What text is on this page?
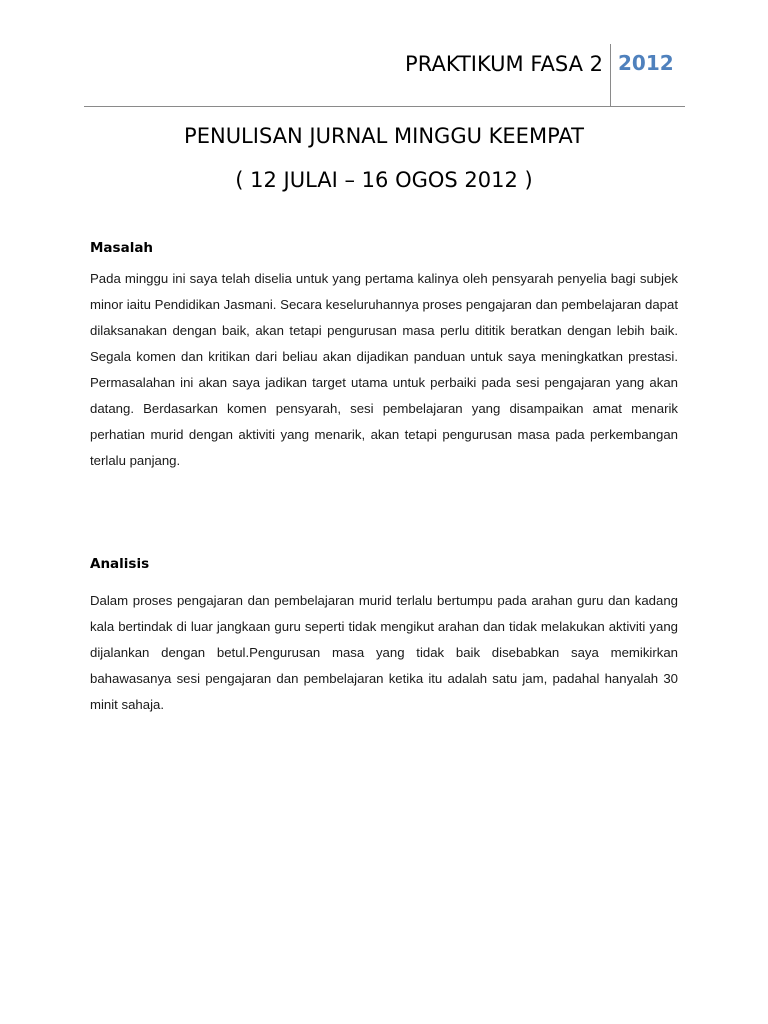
PRAKTIKUM FASA 2 2012
PENULISAN JURNAL MINGGU KEEMPAT
( 12 JULAI – 16 OGOS 2012 )
Masalah
Pada minggu ini saya telah diselia untuk yang pertama kalinya oleh pensyarah penyelia bagi subjek minor iaitu Pendidikan Jasmani. Secara keseluruhannya proses pengajaran dan pembelajaran dapat dilaksanakan dengan baik, akan tetapi pengurusan masa perlu dititik beratkan dengan lebih baik. Segala komen dan kritikan dari beliau akan dijadikan panduan untuk saya meningkatkan prestasi. Permasalahan ini akan saya jadikan target utama untuk perbaiki pada sesi pengajaran yang akan datang. Berdasarkan komen pensyarah, sesi pembelajaran yang disampaikan amat menarik perhatian murid dengan aktiviti yang menarik, akan tetapi pengurusan masa pada perkembangan terlalu panjang.
Analisis
Dalam proses pengajaran dan pembelajaran murid terlalu bertumpu pada arahan guru dan kadang kala bertindak di luar jangkaan guru seperti tidak mengikut arahan dan tidak melakukan aktiviti yang dijalankan dengan betul.Pengurusan masa yang tidak baik disebabkan saya memikirkan bahawasanya sesi pengajaran dan pembelajaran ketika itu adalah satu jam, padahal hanyalah 30 minit sahaja.
